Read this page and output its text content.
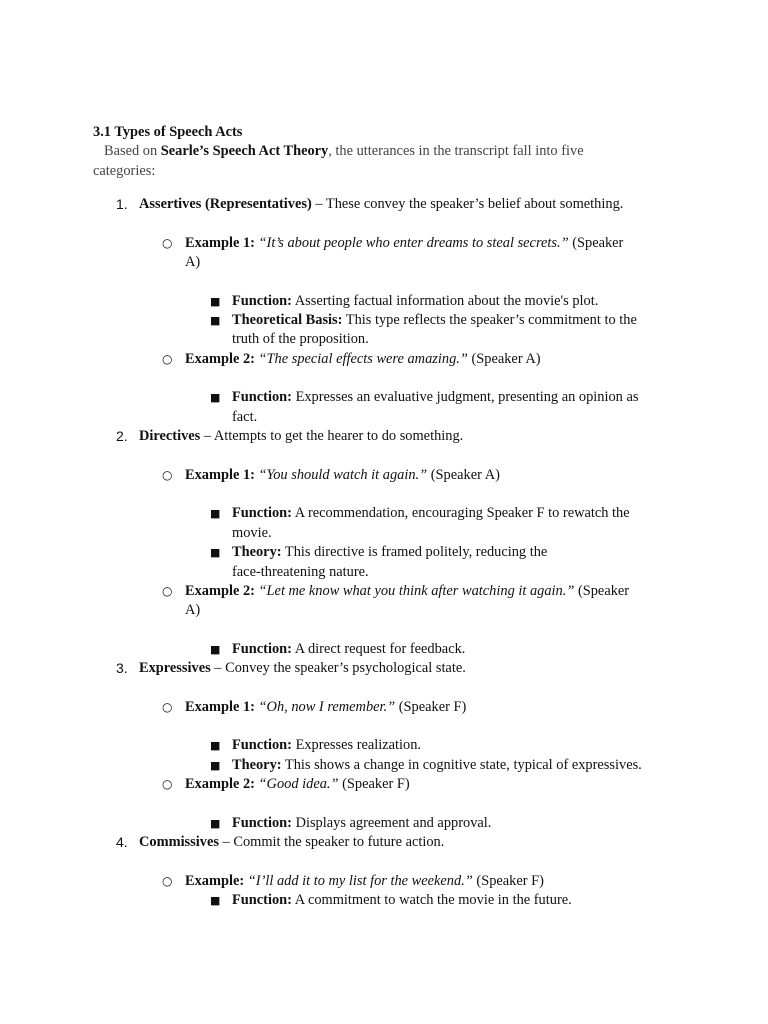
3.1 Types of Speech Acts
Based on Searle’s Speech Act Theory, the utterances in the transcript fall into five
categories:
1. Assertives (Representatives) – These convey the speaker’s belief about something.
○ Example 1: “It’s about people who enter dreams to steal secrets.” (Speaker
A)
■ Function: Asserting factual information about the movie's plot.
■ Theoretical Basis: This type reflects the speaker’s commitment to the
truth of the proposition.
○ Example 2: “The special effects were amazing.” (Speaker A)
■ Function: Expresses an evaluative judgment, presenting an opinion as
fact.
2. Directives – Attempts to get the hearer to do something.
○ Example 1: “You should watch it again.” (Speaker A)
■ Function: A recommendation, encouraging Speaker F to rewatch the
movie.
■ Theory: This directive is framed politely, reducing the
face-threatening nature.
○ Example 2: “Let me know what you think after watching it again.” (Speaker
A)
■ Function: A direct request for feedback.
3. Expressives – Convey the speaker’s psychological state.
○ Example 1: “Oh, now I remember.” (Speaker F)
■ Function: Expresses realization.
■ Theory: This shows a change in cognitive state, typical of expressives.
○ Example 2: “Good idea.” (Speaker F)
■ Function: Displays agreement and approval.
4. Commissives – Commit the speaker to future action.
○ Example: “I’ll add it to my list for the weekend.” (Speaker F)
■ Function: A commitment to watch the movie in the future.
